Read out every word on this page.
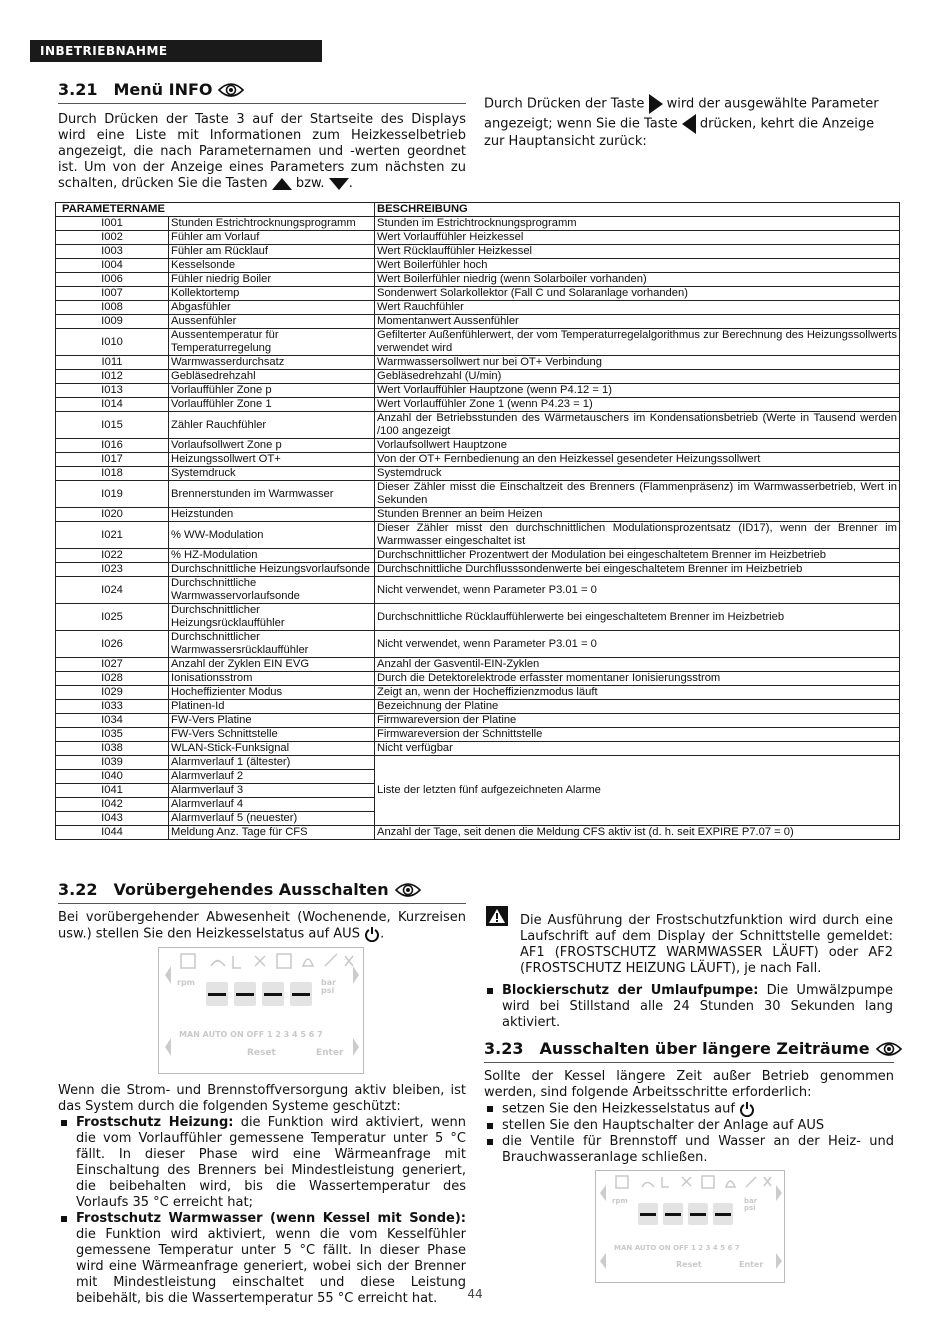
INBETRIEBNAHME
3.21 Menü INFO
Durch Drücken der Taste 3 auf der Startseite des Displays wird eine Liste mit Informationen zum Heizkesselbetrieb angezeigt, die nach Parameternamen und -werten geordnet ist. Um von der Anzeige eines Parameters zum nächsten zu schalten, drücken Sie die Tasten bzw. .
Durch Drücken der Taste wird der ausgewählte Parameter angezeigt; wenn Sie die Taste drücken, kehrt die Anzeige zur Hauptansicht zurück:
PARAMETERNAME		BESCHREIBUNG
I001	Stunden Estrichtrocknungsprogramm	Stunden im Estrichtrocknungsprogramm
I002	Fühler am Vorlauf	Wert Vorlauffühler Heizkessel
I003	Fühler am Rücklauf	Wert Rücklauffühler Heizkessel
I004	Kesselsonde	Wert Boilerfühler hoch
I006	Fühler niedrig Boiler	Wert Boilerfühler niedrig (wenn Solarboiler vorhanden)
I007	Kollektortemp	Sondenwert Solarkollektor (Fall C und Solaranlage vorhanden)
I008	Abgasfühler	Wert Rauchfühler
I009	Aussenfühler	Momentanwert Aussenfühler
I010	Aussentemperatur für Temperaturregelung	Gefilterter Außenfühlerwert, der vom Temperaturregelalgorithmus zur Berechnung des Heizungssollwerts verwendet wird
I011	Warmwasserdurchsatz	Warmwassersollwert nur bei OT+ Verbindung
I012	Gebläsedrehzahl	Gebläsedrehzahl (U/min)
I013	Vorlauffühler Zone p	Wert Vorlauffühler Hauptzone (wenn P4.12 = 1)
I014	Vorlauffühler Zone 1	Wert Vorlauffühler Zone 1 (wenn P4.23 = 1)
I015	Zähler Rauchfühler	Anzahl der Betriebsstunden des Wärmetauschers im Kondensationsbetrieb (Werte in Tausend werden /100 angezeigt
I016	Vorlaufsollwert Zone p	Vorlaufsollwert Hauptzone
I017	Heizungssollwert OT+	Von der OT+ Fernbedienung an den Heizkessel gesendeter Heizungssollwert
I018	Systemdruck	Systemdruck
I019	Brennerstunden im Warmwasser	Dieser Zähler misst die Einschaltzeit des Brenners (Flammenpräsenz) im Warmwasserbetrieb, Wert in Sekunden
I020	Heizstunden	Stunden Brenner an beim Heizen
I021	% WW-Modulation	Dieser Zähler misst den durchschnittlichen Modulationsprozentsatz (ID17), wenn der Brenner im Warmwasser eingeschaltet ist
I022	% HZ-Modulation	Durchschnittlicher Prozentwert der Modulation bei eingeschaltetem Brenner im Heizbetrieb
I023	Durchschnittliche Heizungsvorlaufsonde	Durchschnittliche Durchflusssondenwerte bei eingeschaltetem Brenner im Heizbetrieb
I024	Durchschnittliche Warmwasservorlaufsonde	Nicht verwendet, wenn Parameter P3.01 = 0
I025	Durchschnittlicher Heizungsrücklauffühler	Durchschnittliche Rücklauffühlerwerte bei eingeschaltetem Brenner im Heizbetrieb
I026	Durchschnittlicher Warmwassersrücklauffühler	Nicht verwendet, wenn Parameter P3.01 = 0
I027	Anzahl der Zyklen EIN EVG	Anzahl der Gasventil-EIN-Zyklen
I028	Ionisationsstrom	Durch die Detektorelektrode erfasster momentaner Ionisierungsstrom
I029	Hocheffizienter Modus	Zeigt an, wenn der Hocheffizienzmodus läuft
I033	Platinen-Id	Bezeichnung der Platine
I034	FW-Vers Platine	Firmwareversion der Platine
I035	FW-Vers Schnittstelle	Firmwareversion der Schnittstelle
I038	WLAN-Stick-Funksignal	Nicht verfügbar
I039	Alarmverlauf 1 (ältester)	Liste der letzten fünf aufgezeichneten Alarme
I040	Alarmverlauf 2	
I041	Alarmverlauf 3	
I042	Alarmverlauf 4	
I043	Alarmverlauf 5 (neuester)	
I044	Meldung Anz. Tage für CFS	Anzahl der Tage, seit denen die Meldung CFS aktiv ist (d. h. seit EXPIRE P7.07 = 0)
3.22 Vorübergehendes Ausschalten
Bei vorübergehender Abwesenheit (Wochenende, Kurzreisen usw.) stellen Sie den Heizkesselstatus auf AUS .
rpm	bar
psi
MAN AUTO ON OFF 1 2 3 4 5 6 7
Reset	Enter
Wenn die Strom- und Brennstoffversorgung aktiv bleiben, ist das System durch die folgenden Systeme geschützt:
Frostschutz Heizung: die Funktion wird aktiviert, wenn die vom Vorlauffühler gemessene Temperatur unter 5 °C fällt. In dieser Phase wird eine Wärmeanfrage mit Einschaltung des Brenners bei Mindestleistung generiert, die beibehalten wird, bis die Wassertemperatur des Vorlaufs 35 °C erreicht hat;
Frostschutz Warmwasser (wenn Kessel mit Sonde): die Funktion wird aktiviert, wenn die vom Kesselfühler gemessene Temperatur unter 5 °C fällt. In dieser Phase wird eine Wärmeanfrage generiert, wobei sich der Brenner mit Mindestleistung einschaltet und diese Leistung beibehält, bis die Wassertemperatur 55 °C erreicht hat.
Die Ausführung der Frostschutzfunktion wird durch eine Laufschrift auf dem Display der Schnittstelle gemeldet: AF1 (FROSTSCHUTZ WARMWASSER LÄUFT) oder AF2 (FROSTSCHUTZ HEIZUNG LÄUFT), je nach Fall.
Blockierschutz der Umlaufpumpe: Die Umwälzpumpe wird bei Stillstand alle 24 Stunden 30 Sekunden lang aktiviert.
3.23 Ausschalten über längere Zeiträume
Sollte der Kessel längere Zeit außer Betrieb genommen werden, sind folgende Arbeitsschritte erforderlich:
setzen Sie den Heizkesselstatus auf
stellen Sie den Hauptschalter der Anlage auf AUS
die Ventile für Brennstoff und Wasser an der Heiz- und Brauchwasseranlage schließen.
rpm	bar
psi
MAN AUTO ON OFF 1 2 3 4 5 6 7
Reset	Enter
44
